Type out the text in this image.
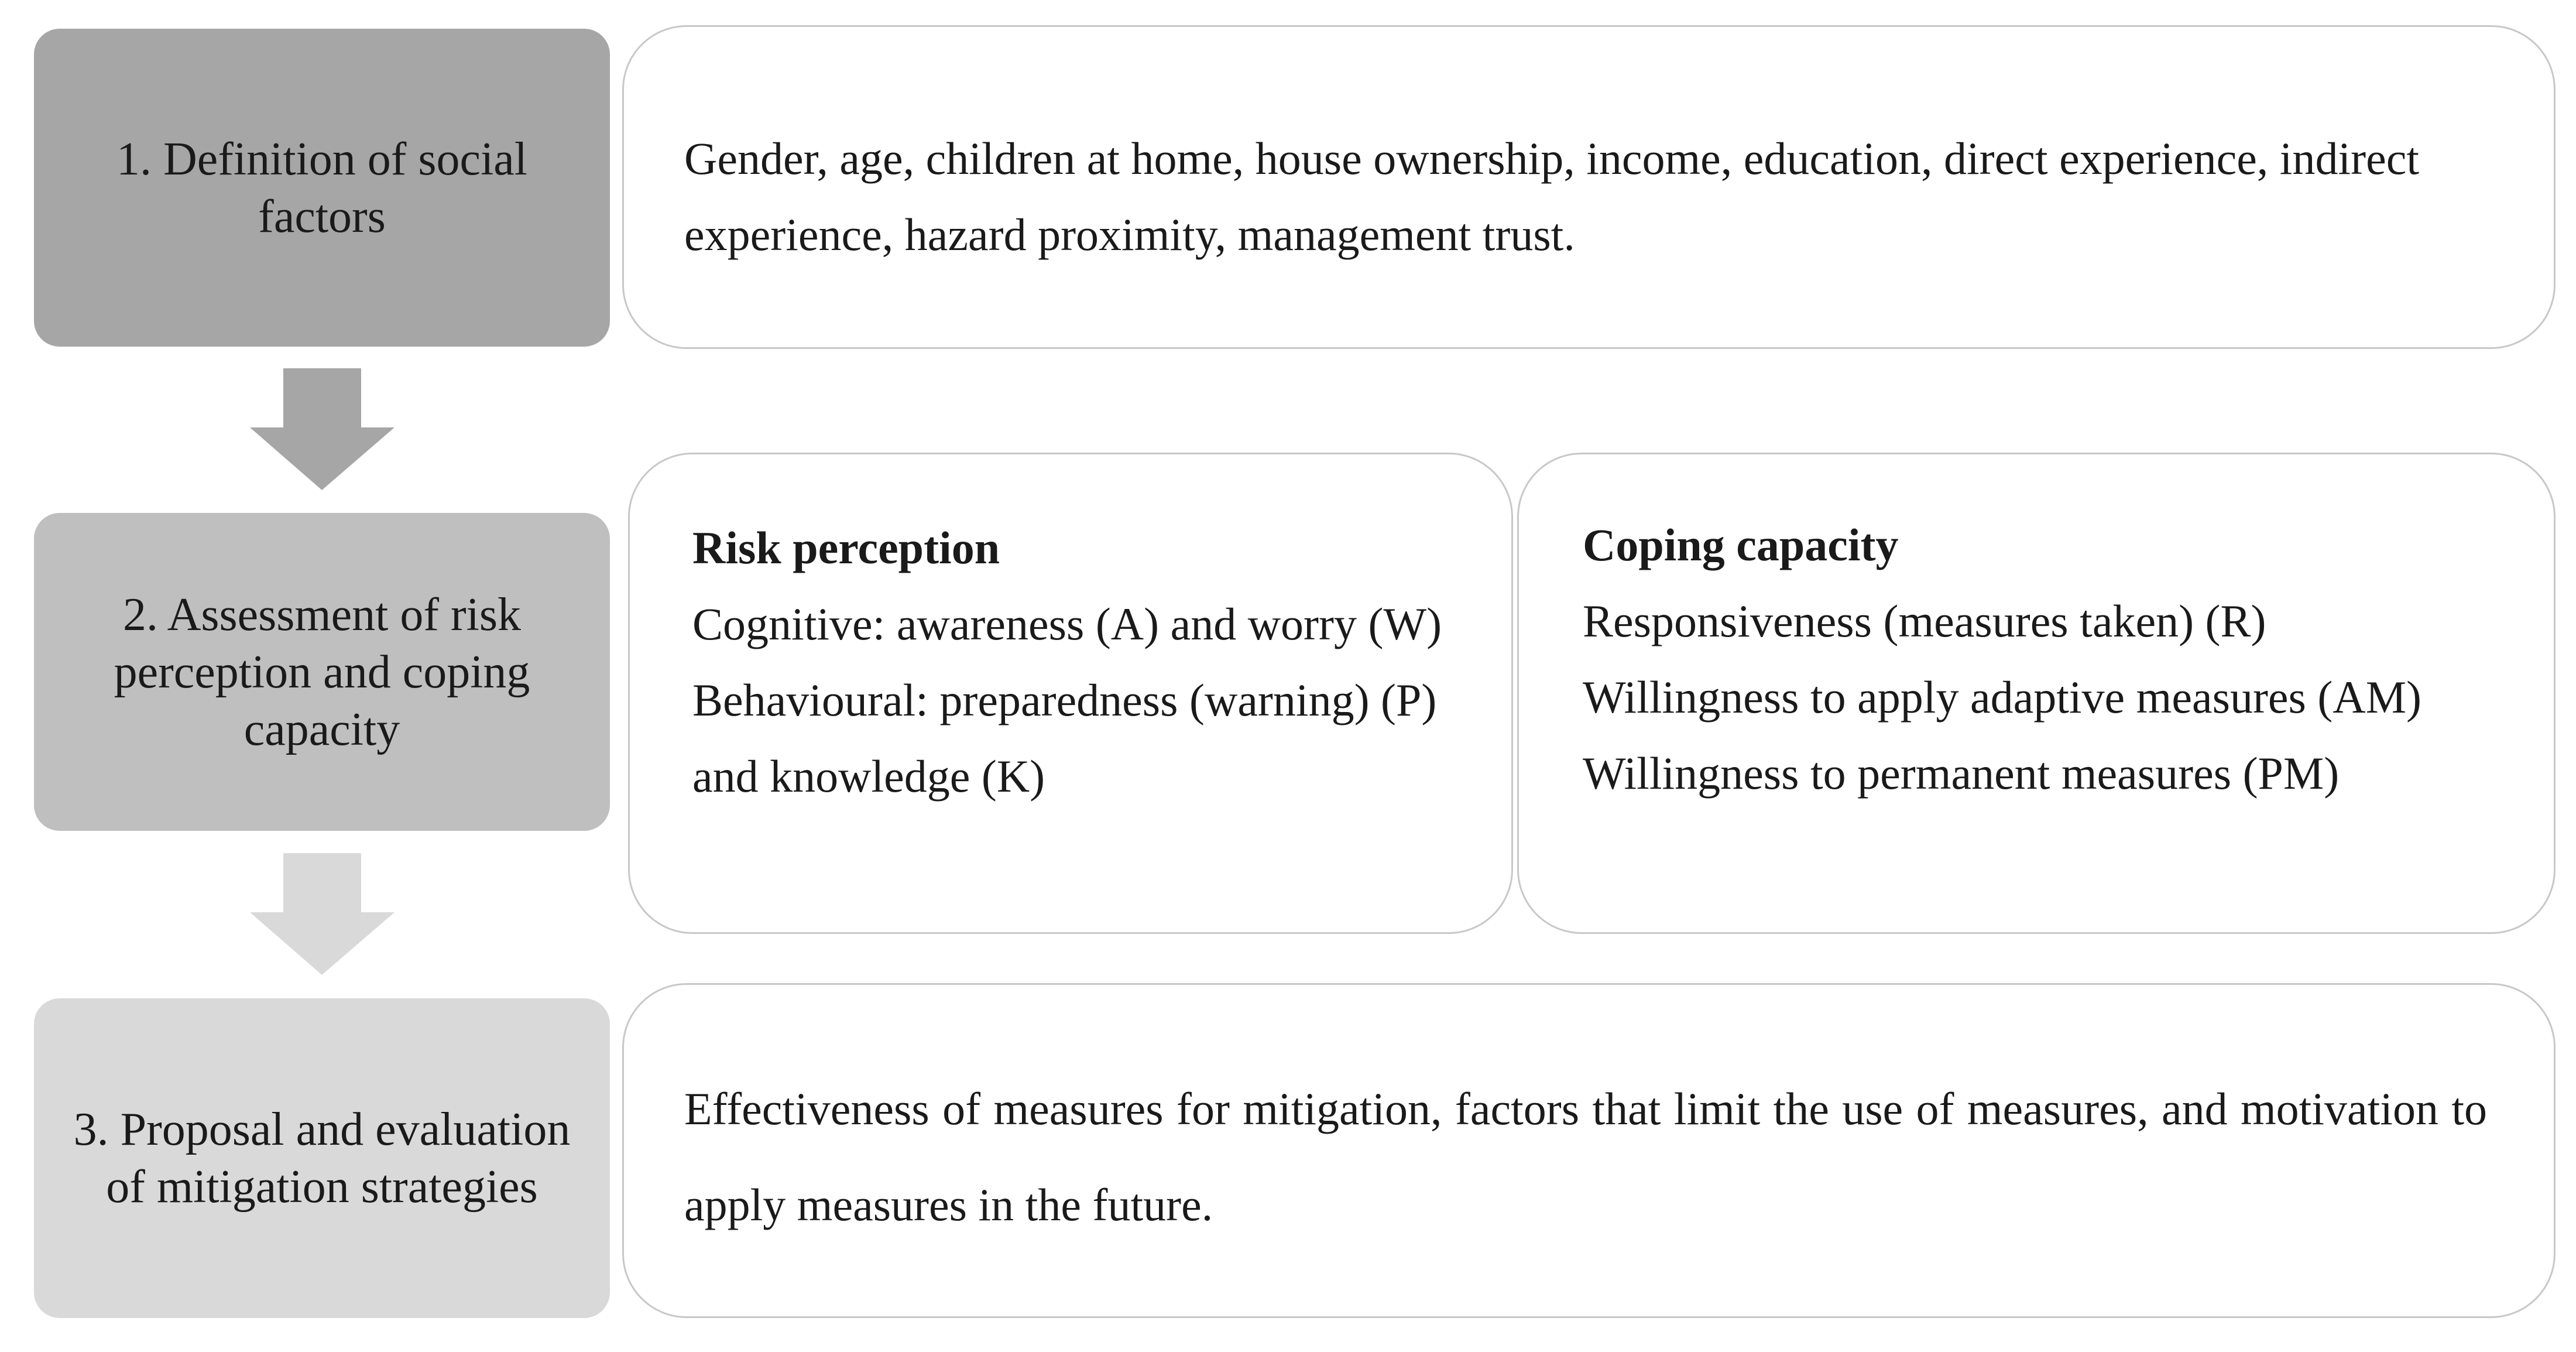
1. Definition of social factors
2. Assessment of risk perception and coping capacity
3. Proposal and evaluation of mitigation strategies
Gender, age, children at home, house ownership, income, education, direct experience, indirect experience, hazard proximity, management trust.
Risk perception
Cognitive: awareness (A) and worry (W)
Behavioural: preparedness (warning) (P) and knowledge (K)
Coping capacity
Responsiveness (measures taken) (R)
Willingness to apply adaptive measures (AM)
Willingness to permanent measures (PM)
Effectiveness of measures for mitigation, factors that limit the use of measures, and motivation to apply measures in the future.
